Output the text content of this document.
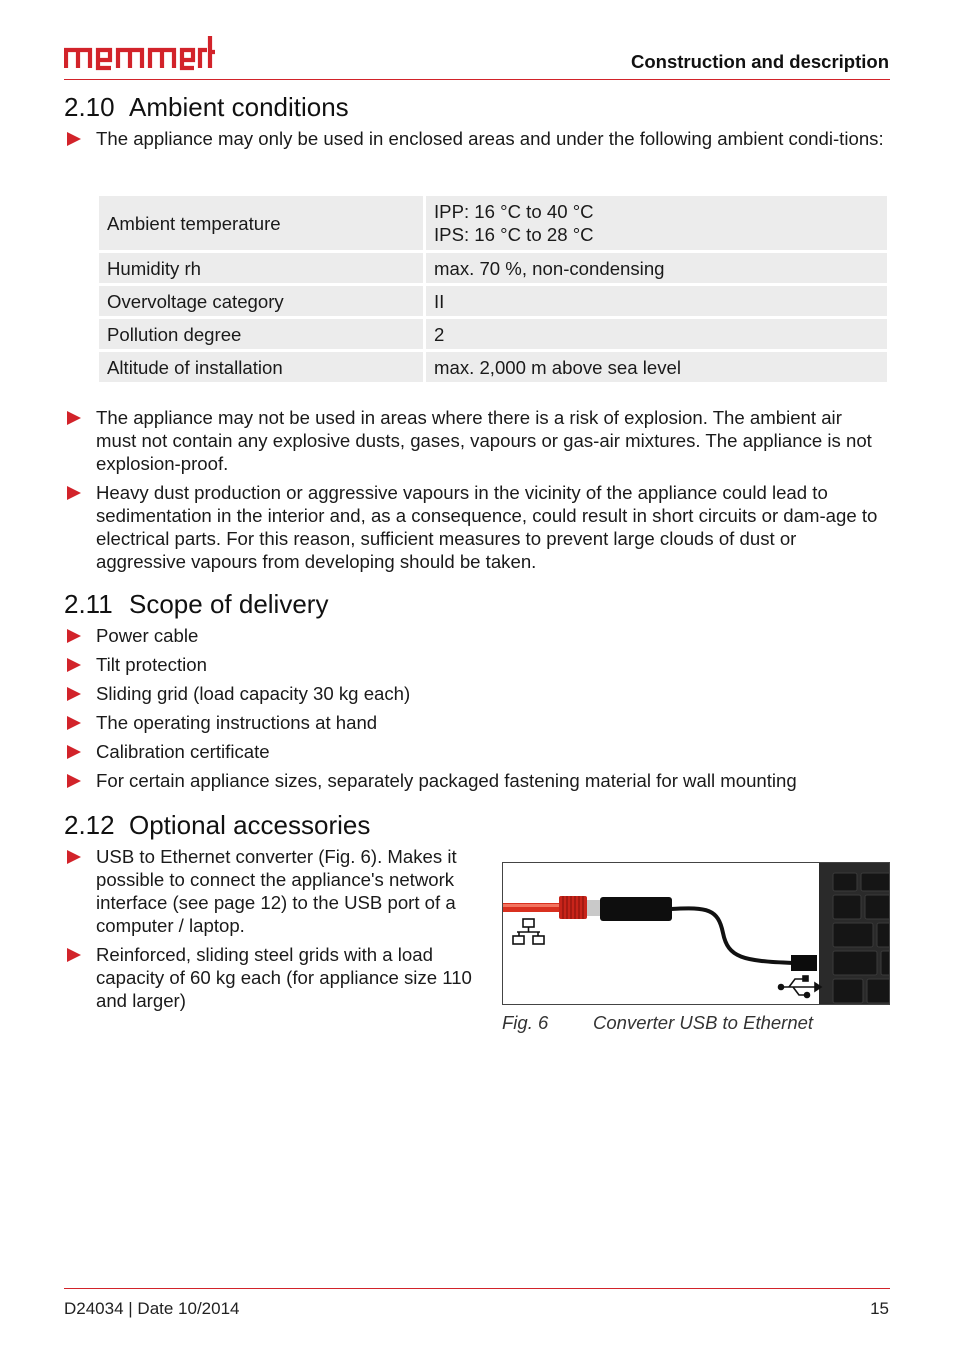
Construction and description
2.10 Ambient conditions
The appliance may only be used in enclosed areas and under the following ambient condi-tions:
Ambient temperature	IPP: 16 °C to 40 °C
IPS: 16 °C to 28 °C

Humidity rh	max. 70 %, non-condensing
Overvoltage category	II
Pollution degree	2
Altitude of installation	max. 2,000 m above sea level
The appliance may not be used in areas where there is a risk of explosion. The ambient air must not contain any explosive dusts, gases, vapours or gas-air mixtures. The appliance is not explosion-proof.
Heavy dust production or aggressive vapours in the vicinity of the appliance could lead to sedimentation in the interior and, as a consequence, could result in short circuits or dam-age to electrical parts. For this reason, sufficient measures to prevent large clouds of dust or aggressive vapours from developing should be taken.
2.11 Scope of delivery
Power cable
Tilt protection
Sliding grid (load capacity 30 kg each)
The operating instructions at hand
Calibration certificate
For certain appliance sizes, separately packaged fastening material for wall mounting
2.12 Optional accessories
USB to Ethernet converter (Fig. 6). Makes it possible to connect the appliance's network interface (see page 12) to the USB port of a computer / laptop.
Reinforced, sliding steel grids with a load capacity of 60 kg each (for appliance size 110 and larger)
Fig. 6 Converter USB to Ethernet
D24034 | Date 10/2014	15
